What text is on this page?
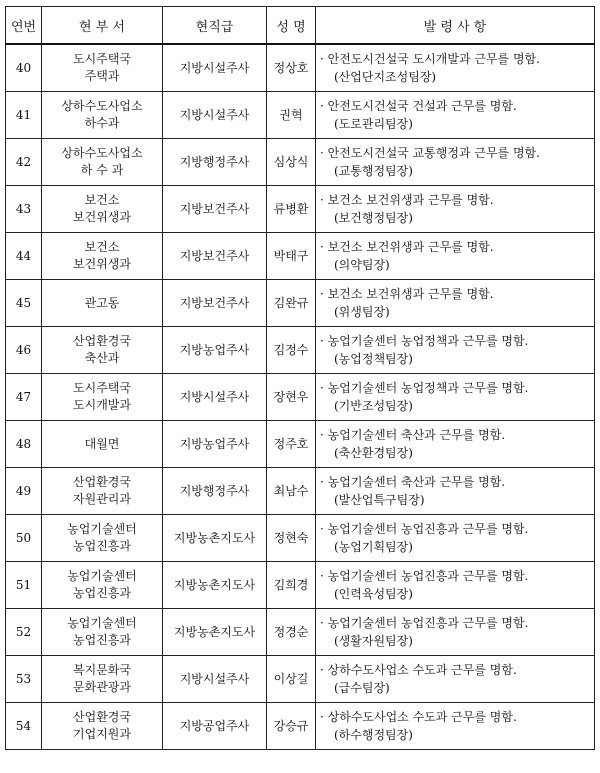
연번	현 부 서	현직급	성 명	발 령 사 항
40	도시주택국
주택과	지방시설주사	정상호	· 안전도시건설국 도시개발과 근무를 명함.
(산업단지조성팀장)

41	상하수도사업소
하수과	지방시설주사	권혁	· 안전도시건설국 건설과 근무를 명함.
(도로관리팀장)

42	상하수도사업소
하 수 과	지방행정주사	심상식	· 안전도시건설국 교통행정과 근무를 명함.
(교통행정팀장)

43	보건소
보건위생과	지방보건주사	류병환	· 보건소 보건위생과 근무를 명함.
(보건행정팀장)

44	보건소
보건위생과	지방보건주사	박태구	· 보건소 보건위생과 근무를 명함.
(의약팀장)

45	관고동	지방보건주사	김완규	· 보건소 보건위생과 근무를 명함.
(위생팀장)

46	산업환경국
축산과	지방농업주사	김정수	· 농업기술센터 농업정책과 근무를 명함.
(농업정책팀장)

47	도시주택국
도시개발과	지방시설주사	장현우	· 농업기술센터 농업정책과 근무를 명함.
(기반조성팀장)

48	대월면	지방농업주사	정주호	· 농업기술센터 축산과 근무를 명함.
(축산환경팀장)

49	산업환경국
자원관리과	지방행정주사	최남수	· 농업기술센터 축산과 근무를 명함.
(발산업특구팀장)

50	농업기술센터
농업진흥과	지방농촌지도사	정현숙	· 농업기술센터 농업진흥과 근무를 명함.
(농업기획팀장)

51	농업기술센터
농업진흥과	지방농촌지도사	김희경	· 농업기술센터 농업진흥과 근무를 명함.
(인력육성팀장)

52	농업기술센터
농업진흥과	지방농촌지도사	정경순	· 농업기술센터 농업진흥과 근무를 명함.
(생활자원팀장)

53	복지문화국
문화관광과	지방시설주사	이상길	· 상하수도사업소 수도과 근무를 명함.
(급수팀장)

54	산업환경국
기업지원과	지방공업주사	강승규	· 상하수도사업소 수도과 근무를 명함.
(하수행정팀장)
